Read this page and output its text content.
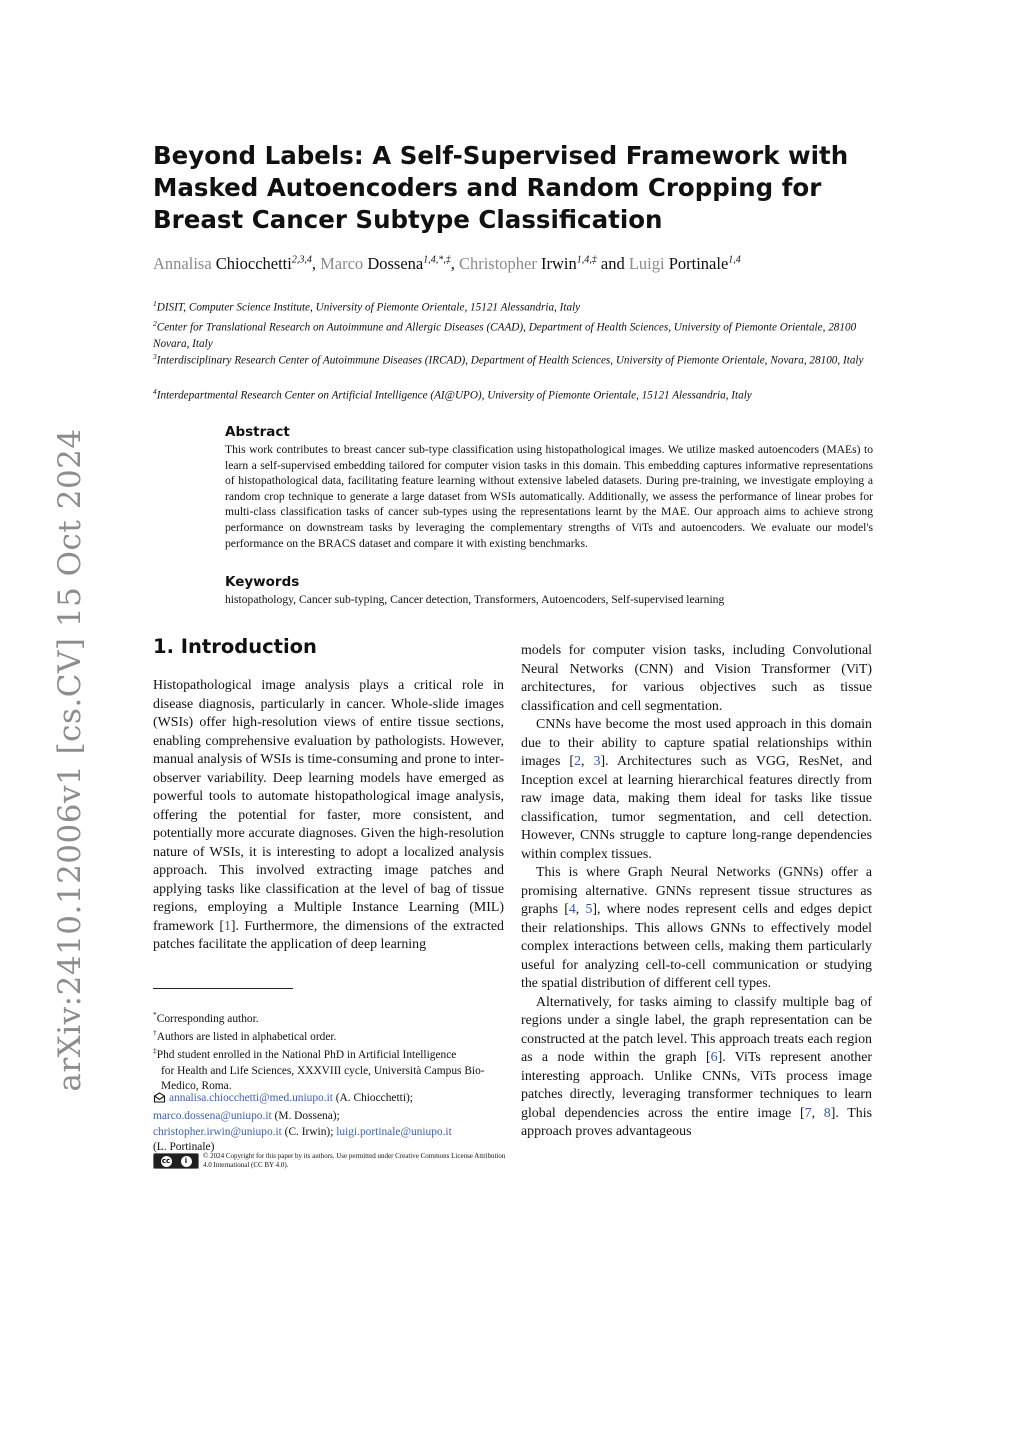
arXiv:2410.12006v1 [cs.CV] 15 Oct 2024
Beyond Labels: A Self-Supervised Framework with Masked Autoencoders and Random Cropping for Breast Cancer Subtype Classification
Annalisa Chiocchetti$^{2,3,4}$, Marco Dossena$^{1,4,*,\ddagger}$, Christopher Irwin$^{1,4,\ddagger}$ and Luigi Portinale$^{1,4}$
$^1$DISIT, Computer Science Institute, University of Piemonte Orientale, 15121 Alessandria, Italy
$^2$Center for Translational Research on Autoimmune and Allergic Diseases (CAAD), Department of Health Sciences, University of Piemonte Orientale, 28100 Novara, Italy
$^3$Interdisciplinary Research Center of Autoimmune Diseases (IRCAD), Department of Health Sciences, University of Piemonte Orientale, Novara, 28100, Italy
$^4$Interdepartmental Research Center on Artificial Intelligence (AI@UPO), University of Piemonte Orientale, 15121 Alessandria, Italy
Abstract
This work contributes to breast cancer sub-type classification using histopathological images. We utilize masked autoencoders (MAEs) to learn a self-supervised embedding tailored for computer vision tasks in this domain. This embedding captures informative representations of histopathological data, facilitating feature learning without extensive labeled datasets. During pre-training, we investigate employing a random crop technique to generate a large dataset from WSIs automatically. Additionally, we assess the performance of linear probes for multi-class classification tasks of cancer sub-types using the representations learnt by the MAE. Our approach aims to achieve strong performance on downstream tasks by leveraging the complementary strengths of ViTs and autoencoders. We evaluate our model's performance on the BRACS dataset and compare it with existing benchmarks.
Keywords
histopathology, Cancer sub-typing, Cancer detection, Transformers, Autoencoders, Self-supervised learning
1. Introduction

Histopathological image analysis plays a critical role in disease diagnosis, particularly in cancer. Whole-slide images (WSIs) offer high-resolution views of entire tissue sections, enabling comprehensive evaluation by pathologists. However, manual analysis of WSIs is time-consuming and prone to inter-observer variability. Deep learning models have emerged as powerful tools to automate histopathological image analysis, offering the potential for faster, more consistent, and potentially more accurate diagnoses. Given the high-resolution nature of WSIs, it is interesting to adopt a localized analysis approach. This involved extracting image patches and applying tasks like classification at the level of bag of tissue regions, employing a Multiple Instance Learning (MIL) framework [1]. Furthermore, the dimensions of the extracted patches facilitate the application of deep learning

models for computer vision tasks, including Convolutional Neural Networks (CNN) and Vision Transformer (ViT) architectures, for various objectives such as tissue classification and cell segmentation.

CNNs have become the most used approach in this domain due to their ability to capture spatial relationships within images [2, 3]. Architectures such as VGG, ResNet, and Inception excel at learning hierarchical features directly from raw image data, making them ideal for tasks like tissue classification, tumor segmentation, and cell detection. However, CNNs struggle to capture long-range dependencies within complex tissues.

This is where Graph Neural Networks (GNNs) offer a promising alternative. GNNs represent tissue structures as graphs [4, 5], where nodes represent cells and edges depict their relationships. This allows GNNs to effectively model complex interactions between cells, making them particularly useful for analyzing cell-to-cell communication or studying the spatial distribution of different cell types.

Alternatively, for tasks aiming to classify multiple bag of regions under a single label, the graph representation can be constructed at the patch level. This approach treats each region as a node within the graph [6]. ViTs represent another interesting approach. Unlike CNNs, ViTs process image patches directly, leveraging transformer techniques to learn global dependencies across the entire image [7, 8]. This approach proves advantageous

*Corresponding author.
†Authors are listed in alphabetical order.
‡Phd student enrolled in the National PhD in Artificial Intelligence
for Health and Life Sciences, XXXVIII cycle, Università Campus Bio-Medico, Roma.
annalisa.chiocchetti@med.uniupo.it (A. Chiocchetti);
marco.dossena@uniupo.it (M. Dossena);
christopher.irwin@uniupo.it (C. Irwin); luigi.portinale@uniupo.it
(L. Portinale)
cc	i
© 2024 Copyright for this paper by its authors. Use permitted under Creative Commons License Attribution 4.0 International (CC BY 4.0).
